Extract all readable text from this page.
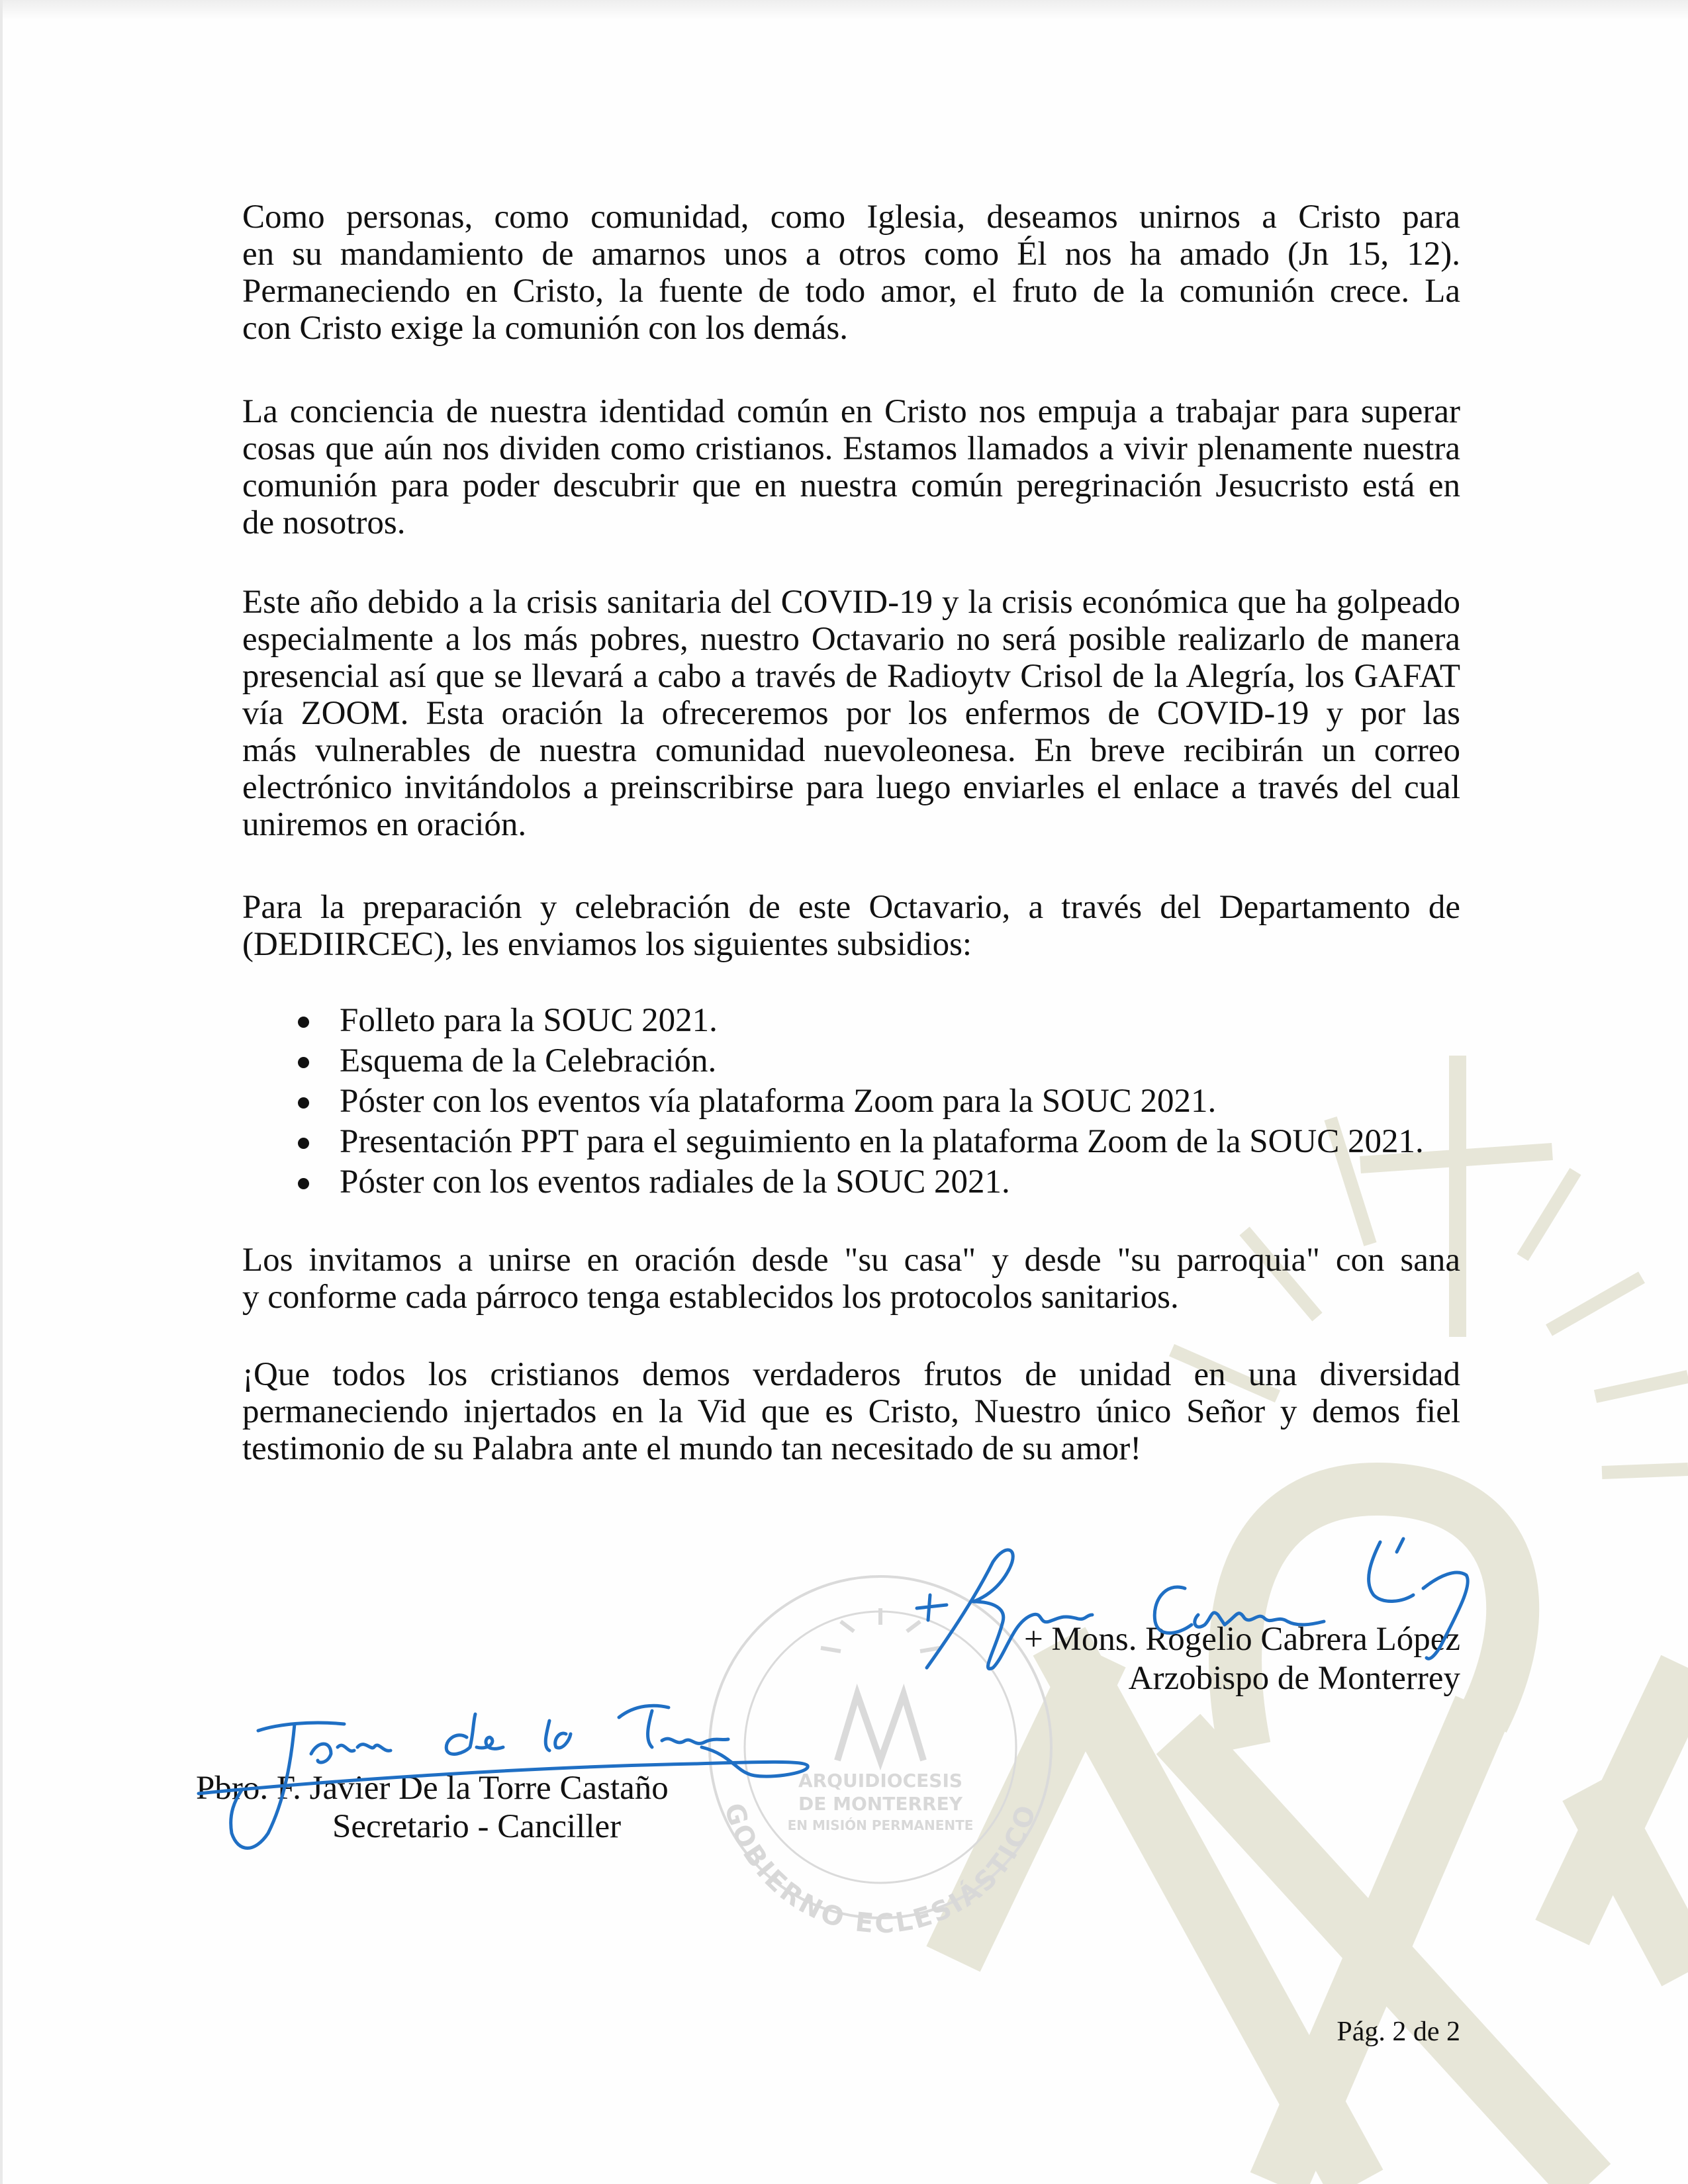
ARQUIDIOCESIS
DE MONTERREY
EN MISIÓN PERMANENTE
GOBIERNO ECLESIÁSTICO
Como personas, como comunidad, como Iglesia, deseamos unirnos a Cristo para
en su mandamiento de amarnos unos a otros como Él nos ha amado (Jn 15, 12).
Permaneciendo en Cristo, la fuente de todo amor, el fruto de la comunión crece. La
con Cristo exige la comunión con los demás.
La conciencia de nuestra identidad común en Cristo nos empuja a trabajar para superar
cosas que aún nos dividen como cristianos. Estamos llamados a vivir plenamente nuestra
comunión para poder descubrir que en nuestra común peregrinación Jesucristo está en
de nosotros.
Este año debido a la crisis sanitaria del COVID-19 y la crisis económica que ha golpeado
especialmente a los más pobres, nuestro Octavario no será posible realizarlo de manera
presencial así que se llevará a cabo a través de Radioytv Crisol de la Alegría, los GAFAT
vía ZOOM. Esta oración la ofreceremos por los enfermos de COVID-19 y por las
más vulnerables de nuestra comunidad nuevoleonesa. En breve recibirán un correo
electrónico invitándolos a preinscribirse para luego enviarles el enlace a través del cual
uniremos en oración.
Para la preparación y celebración de este Octavario, a través del Departamento de
(DEDIIRCEC), les enviamos los siguientes subsidios:
Folleto para la SOUC 2021.
Esquema de la Celebración.
Póster con los eventos vía plataforma Zoom para la SOUC 2021.
Presentación PPT para el seguimiento en la plataforma Zoom de la SOUC 2021.
Póster con los eventos radiales de la SOUC 2021.
Los invitamos a unirse en oración desde "su casa" y desde "su parroquia" con sana
y conforme cada párroco tenga establecidos los protocolos sanitarios.
¡Que todos los cristianos demos verdaderos frutos de unidad en una diversidad
permaneciendo injertados en la Vid que es Cristo, Nuestro único Señor y demos fiel
testimonio de su Palabra ante el mundo tan necesitado de su amor!
+ Mons. Rogelio Cabrera López
Arzobispo de Monterrey
Pbro. F. Javier De la Torre Castaño
Secretario - Canciller
Pág. 2 de 2
